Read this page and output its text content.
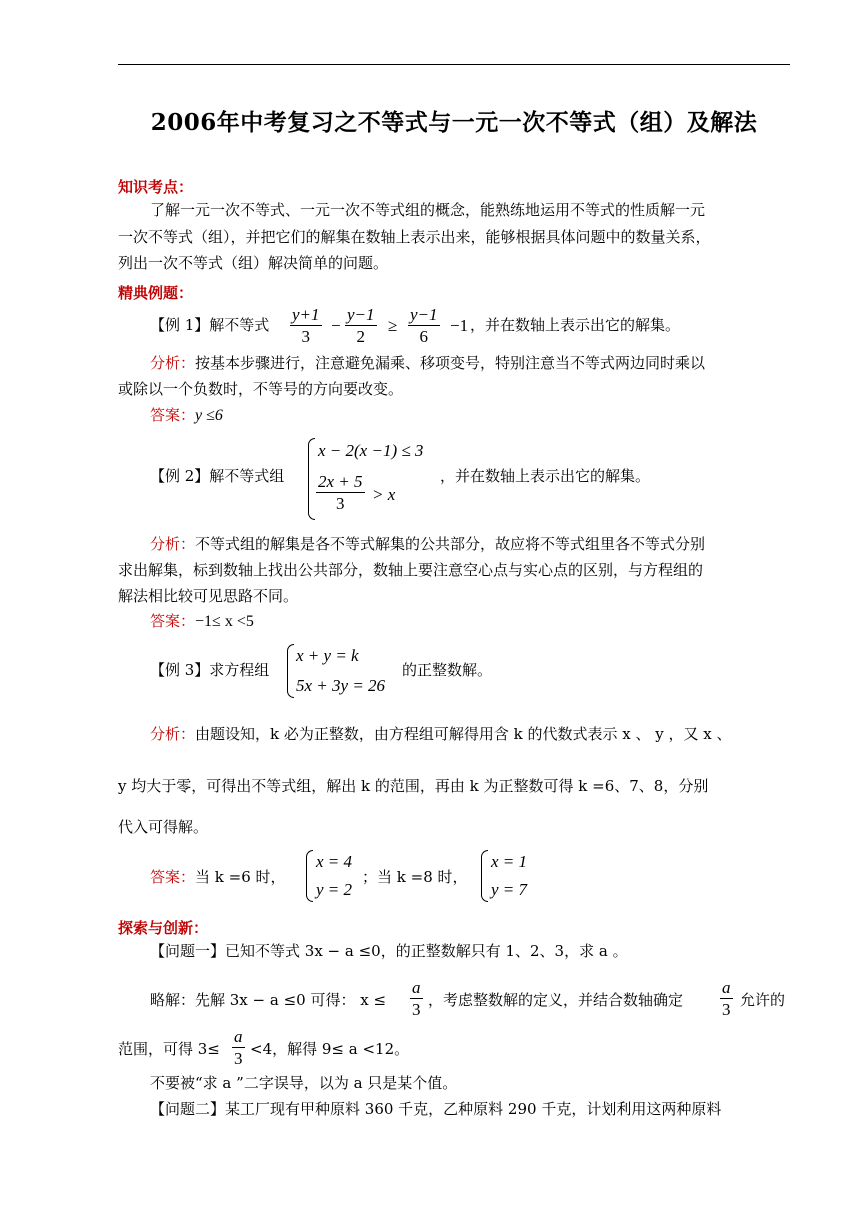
2006年中考复习之不等式与一元一次不等式（组）及解法
知识考点：
了解一元一次不等式、一元一次不等式组的概念，能熟练地运用不等式的性质解一元
一次不等式（组），并把它们的解集在数轴上表示出来，能够根据具体问题中的数量关系，
列出一次不等式（组）解决简单的问题。
精典例题：
【例 1】解不等式 $\frac{y+1}{3} - \frac{y-1}{2} \ge \frac{y-1}{6} -1$ ，并在数轴上表示出它的解集。
分析：按基本步骤进行，注意避免漏乘、移项变号，特别注意当不等式两边同时乘以
或除以一个负数时，不等号的方向要改变。
答案：y ≤6
【例 2】解不等式组
x − 2(x −1) ≤ 3
$\frac{2x + 5}{3} > x$
，并在数轴上表示出它的解集。
分析：不等式组的解集是各不等式解集的公共部分，故应将不等式组里各不等式分别
求出解集，标到数轴上找出公共部分，数轴上要注意空心点与实心点的区别，与方程组的
解法相比较可见思路不同。
答案：−1≤ x <5
【例 3】求方程组
x + y = k
5x + 3y = 26
的正整数解。
分析：由题设知，k 必为正整数，由方程组可解得用含 k 的代数式表示 x 、 y ，又 x 、
y 均大于零，可得出不等式组，解出 k 的范围，再由 k 为正整数可得 k =6、7、8，分别
代入可得解。
答案：当 k =6 时，
x = 4
y = 2
；当 k =8 时，
x = 1
y = 7
探索与创新：
【问题一】已知不等式 3x − a ≤0，的正整数解只有 1、2、3，求 a 。
略解：先解 3x − a ≤0 可得： $x \le \frac{a}{3}$ ，考虑整数解的定义，并结合数轴确定 $\frac{a}{3}$ 允许的
范围，可得 $3\le \frac{a}{3} <4$，解得 9≤ a <12。
不要被“求 a ”二字误导，以为 a 只是某个值。
【问题二】某工厂现有甲种原料 360 千克，乙种原料 290 千克，计划利用这两种原料
